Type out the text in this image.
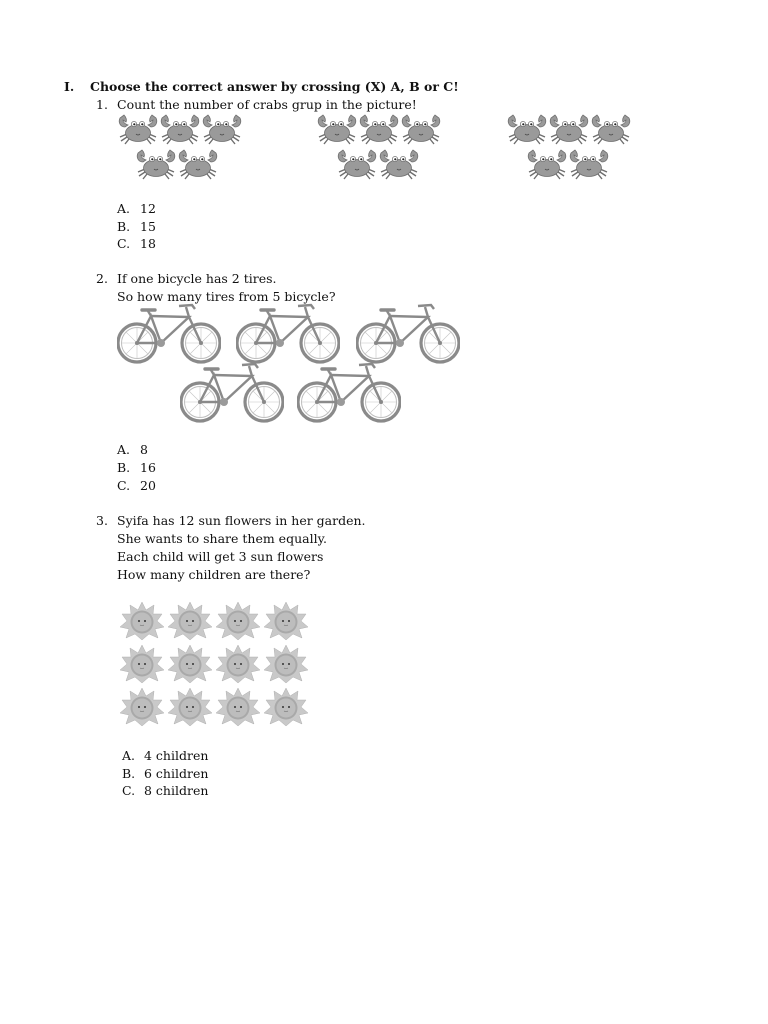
I. Choose the correct answer by crossing (X) A, B or C!
1. Count the number of crabs grup in the picture!
A. 12
B. 15
C. 18
2. If one bicycle has 2 tires.
So how many tires from 5 bicycle?
A. 8
B. 16
C. 20
3. Syifa has 12 sun flowers in her garden.
She wants to share them equally.
Each child will get 3 sun flowers
How many children are there?
A. 4 children
B. 6 children
C. 8 children
